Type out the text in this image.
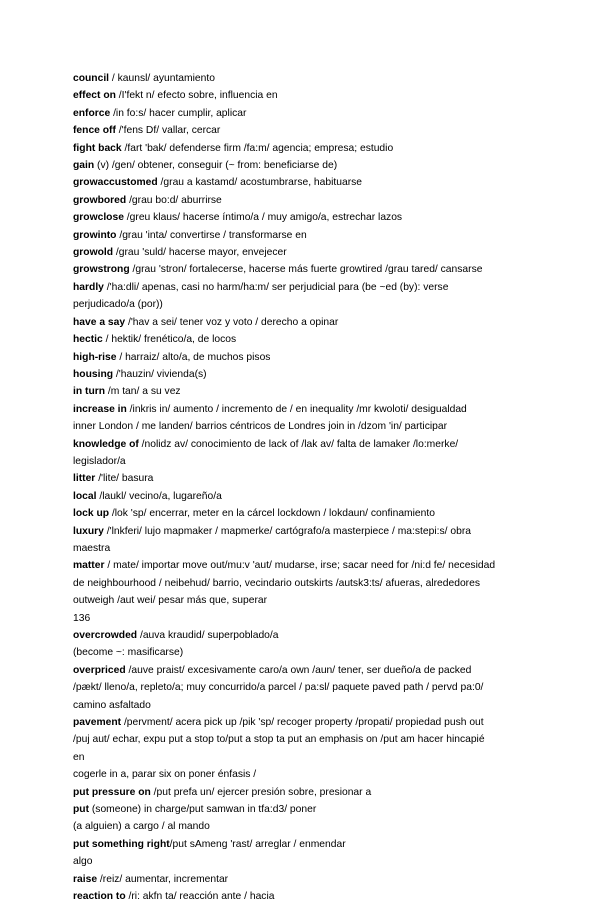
council / kaunsl/ ayuntamiento
effect on /I'fekt n/ efecto sobre, influencia en
enforce /in fo:s/ hacer cumplir, aplicar
fence off /'fens Df/ vallar, cercar
fight back /fart 'bak/ defenderse firm /fa:m/ agencia; empresa; estudio
gain (v) /gen/ obtener, conseguir (~ from: beneficiarse de)
growaccustomed /grau a kastamd/ acostumbrarse, habituarse
growbored /grau bo:d/ aburrirse
growclose /greu klaus/ hacerse íntimo/a / muy amigo/a, estrechar lazos
growinto /grau 'inta/ convertirse / transformarse en
growold /grau 'suld/ hacerse mayor, envejecer
growstrong /grau 'stron/ fortalecerse, hacerse más fuerte growtired /grau tared/ cansarse
hardly /'ha:dli/ apenas, casi no harm/ha:m/ ser perjudicial para (be ~ed (by): verse
perjudicado/a (por))
have a say /'hav a sei/ tener voz y voto / derecho a opinar
hectic / hektik/ frenético/a, de locos
high-rise / harraiz/ alto/a, de muchos pisos
housing /'hauzin/ vivienda(s)
in turn /m tan/ a su vez
increase in /inkris in/ aumento / incremento de / en inequality /mr kwoloti/ desigualdad
inner London / me landen/ barrios céntricos de Londres join in /dzom 'in/ participar
knowledge of /nolidz av/ conocimiento de lack of /lak av/ falta de lamaker /lo:merke/
legislador/a
litter /'lite/ basura
local /laukl/ vecino/a, lugareño/a
lock up /lok 'sp/ encerrar, meter en la cárcel lockdown / lokdaun/ confinamiento
luxury /'lnkferi/ lujo mapmaker / mapmerke/ cartógrafo/a masterpiece / ma:stepi:s/ obra
maestra
matter / mate/ importar move out/mu:v 'aut/ mudarse, irse; sacar need for /ni:d fe/ necesidad
de neighbourhood / neibehud/ barrio, vecindario outskirts /autsk3:ts/ afueras, alrededores
outweigh /aut wei/ pesar más que, superar
136
overcrowded /auva kraudid/ superpoblado/a
(become ~: masificarse)
overpriced /auve praist/ excesivamente caro/a own /aun/ tener, ser dueño/a de packed
/pækt/ lleno/a, repleto/a; muy concurrido/a parcel / pa:sl/ paquete paved path / pervd pa:0/
camino asfaltado
pavement /pervment/ acera pick up /pik 'sp/ recoger property /propati/ propiedad push out
/puj aut/ echar, expu put a stop to/put a stop ta put an emphasis on /put am hacer hincapié
en
cogerle in a, parar six on poner énfasis /
put pressure on /put prefa un/ ejercer presión sobre, presionar a
put (someone) in charge/put samwan in tfa:d3/ poner
(a alguien) a cargo / al mando
put something right/put sAmeng 'rast/ arreglar / enmendar
algo
raise /reiz/ aumentar, incrementar
reaction to /ri: akfn ta/ reacción ante / hacia
